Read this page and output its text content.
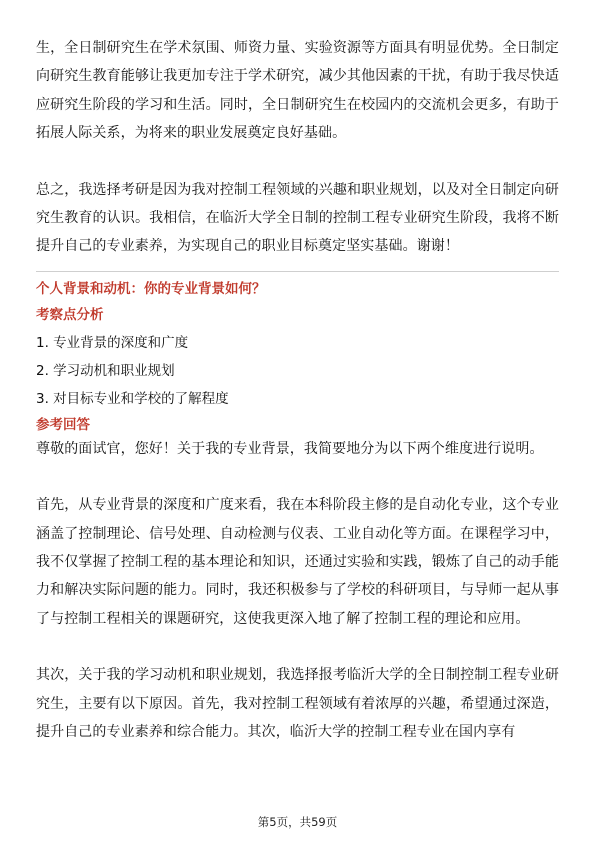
生，全日制研究生在学术氛围、师资力量、实验资源等方面具有明显优势。全日制定向研究生教育能够让我更加专注于学术研究，减少其他因素的干扰，有助于我尽快适应研究生阶段的学习和生活。同时，全日制研究生在校园内的交流机会更多，有助于拓展人际关系，为将来的职业发展奠定良好基础。

总之，我选择考研是因为我对控制工程领域的兴趣和职业规划，以及对全日制定向研究生教育的认识。我相信，在临沂大学全日制的控制工程专业研究生阶段，我将不断提升自己的专业素养，为实现自己的职业目标奠定坚实基础。谢谢！

个人背景和动机：你的专业背景如何？

考察点分析

1. 专业背景的深度和广度
2. 学习动机和职业规划
3. 对目标专业和学校的了解程度

参考回答

尊敬的面试官，您好！关于我的专业背景，我简要地分为以下两个维度进行说明。

首先，从专业背景的深度和广度来看，我在本科阶段主修的是自动化专业，这个专业涵盖了控制理论、信号处理、自动检测与仪表、工业自动化等方面。在课程学习中，我不仅掌握了控制工程的基本理论和知识，还通过实验和实践，锻炼了自己的动手能力和解决实际问题的能力。同时，我还积极参与了学校的科研项目，与导师一起从事了与控制工程相关的课题研究，这使我更深入地了解了控制工程的理论和应用。

其次，关于我的学习动机和职业规划，我选择报考临沂大学的全日制控制工程专业研究生，主要有以下原因。首先，我对控制工程领域有着浓厚的兴趣，希望通过深造，提升自己的专业素养和综合能力。其次，临沂大学的控制工程专业在国内享有

第5页，共59页
